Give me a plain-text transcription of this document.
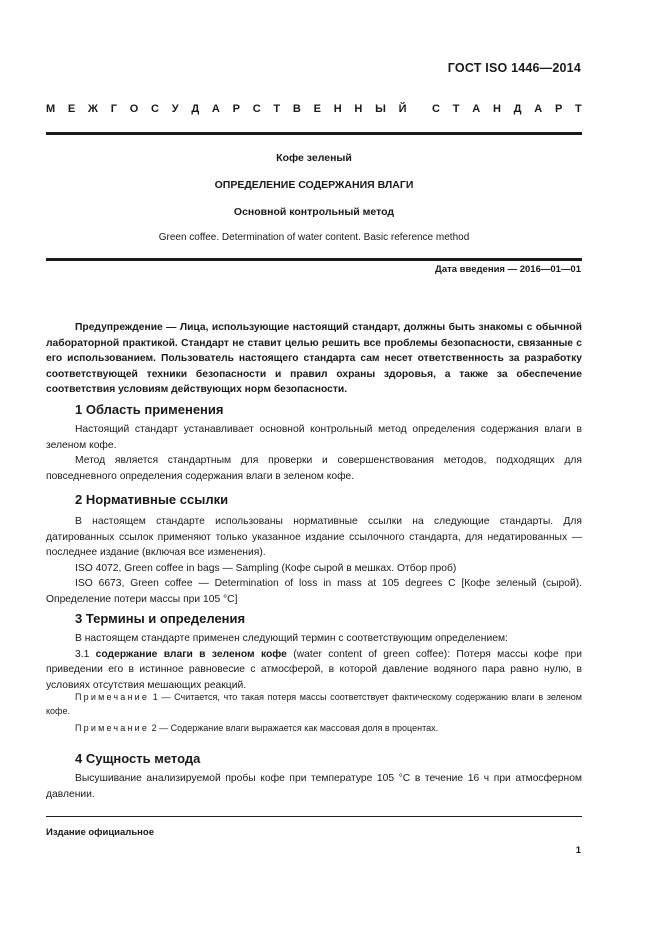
ГОСТ ISO 1446—2014
М Е Ж Г О С У Д А Р С Т В Е Н Н Ы Й С Т А Н Д А Р Т
Кофе зеленый
ОПРЕДЕЛЕНИЕ СОДЕРЖАНИЯ ВЛАГИ
Основной контрольный метод
Green coffee. Determination of water content. Basic reference method
Дата введения — 2016—01—01

Предупреждение — Лица, использующие настоящий стандарт, должны быть знакомы с обычной лабораторной практикой. Стандарт не ставит целью решить все проблемы безопасности, связанные с его использованием. Пользователь настоящего стандарта сам несет ответственность за разработку соответствующей техники безопасности и правил охраны здоровья, а также за обеспечение соответствия условиям действующих норм безопасности.

1 Область применения

Настоящий стандарт устанавливает основной контрольный метод определения содержания влаги в зеленом кофе.

Метод является стандартным для проверки и совершенствования методов, подходящих для повседневного определения содержания влаги в зеленом кофе.

2 Нормативные ссылки

В настоящем стандарте использованы нормативные ссылки на следующие стандарты. Для датированных ссылок применяют только указанное издание ссылочного стандарта, для недатированных — последнее издание (включая все изменения).

ISO 4072, Green coffee in bags — Sampling (Кофе сырой в мешках. Отбор проб)

ISO 6673, Green coffee — Determination of loss in mass at 105 degrees C [Кофе зеленый (сырой). Определение потери массы при 105 °С]

3 Термины и определения

В настоящем стандарте применен следующий термин с соответствующим определением:

3.1 содержание влаги в зеленом кофе (water content of green coffee): Потеря массы кофе при приведении его в истинное равновесие с атмосферой, в которой давление водяного пара равно нулю, в условиях отсутствия мешающих реакций.

Примечание 1 — Считается, что такая потеря массы соответствует фактическому содержанию влаги в зеленом кофе.

Примечание 2 — Содержание влаги выражается как массовая доля в процентах.

4 Сущность метода

Высушивание анализируемой пробы кофе при температуре 105 °С в течение 16 ч при атмосферном давлении.

Издание официальное
1
